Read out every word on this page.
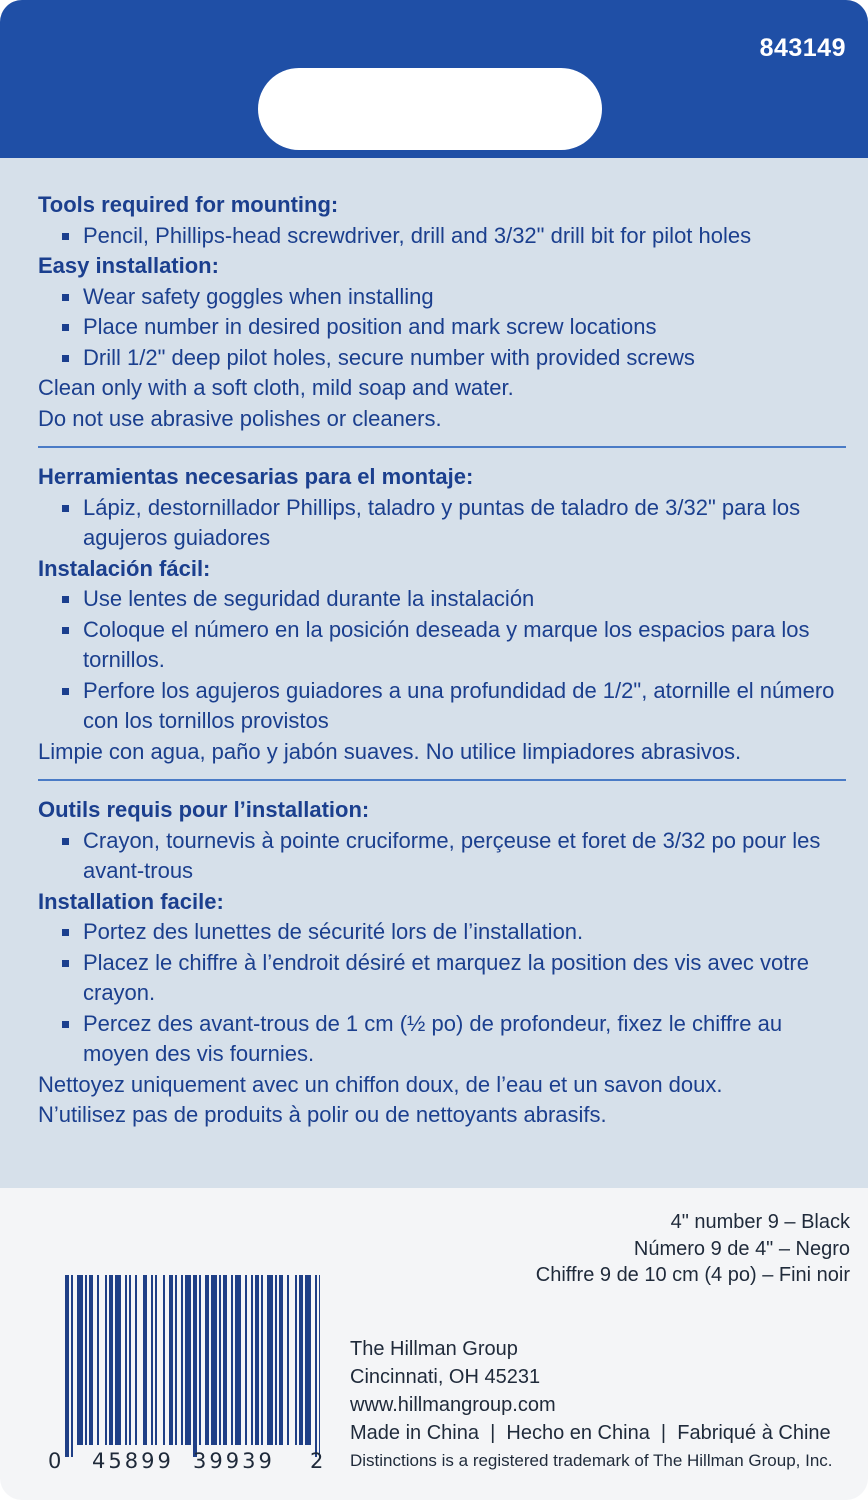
843149
Tools required for mounting:
Pencil, Phillips-head screwdriver, drill and 3/32" drill bit for pilot holes
Easy installation:
Wear safety goggles when installing
Place number in desired position and mark screw locations
Drill 1/2" deep pilot holes, secure number with provided screws
Clean only with a soft cloth, mild soap and water.
Do not use abrasive polishes or cleaners.
Herramientas necesarias para el montaje:
Lápiz, destornillador Phillips, taladro y puntas de taladro de 3/32" para los agujeros guiadores
Instalación fácil:
Use lentes de seguridad durante la instalación
Coloque el número en la posición deseada y marque los espacios para los tornillos.
Perfore los agujeros guiadores a una profundidad de 1/2", atornille el número con los tornillos provistos
Limpie con agua, paño y jabón suaves. No utilice limpiadores abrasivos.
Outils requis pour l’installation:
Crayon, tournevis à pointe cruciforme, perçeuse et foret de 3/32 po pour les avant-trous
Installation facile:
Portez des lunettes de sécurité lors de l’installation.
Placez le chiffre à l’endroit désiré et marquez la position des vis avec votre crayon.
Percez des avant-trous de 1 cm (½ po) de profondeur, fixez le chiffre au moyen des vis fournies.
Nettoyez uniquement avec un chiffon doux, de l’eau et un savon doux.
N’utilisez pas de produits à polir ou de nettoyants abrasifs.
4" number 9 – Black
Número 9 de 4" – Negro
Chiffre 9 de 10 cm (4 po) – Fini noir
0 45899 39939 2
The Hillman Group
Cincinnati, OH 45231
www.hillmangroup.com
Made in China  |  Hecho en China  |  Fabriqué à Chine
Distinctions is a registered trademark of The Hillman Group, Inc.
